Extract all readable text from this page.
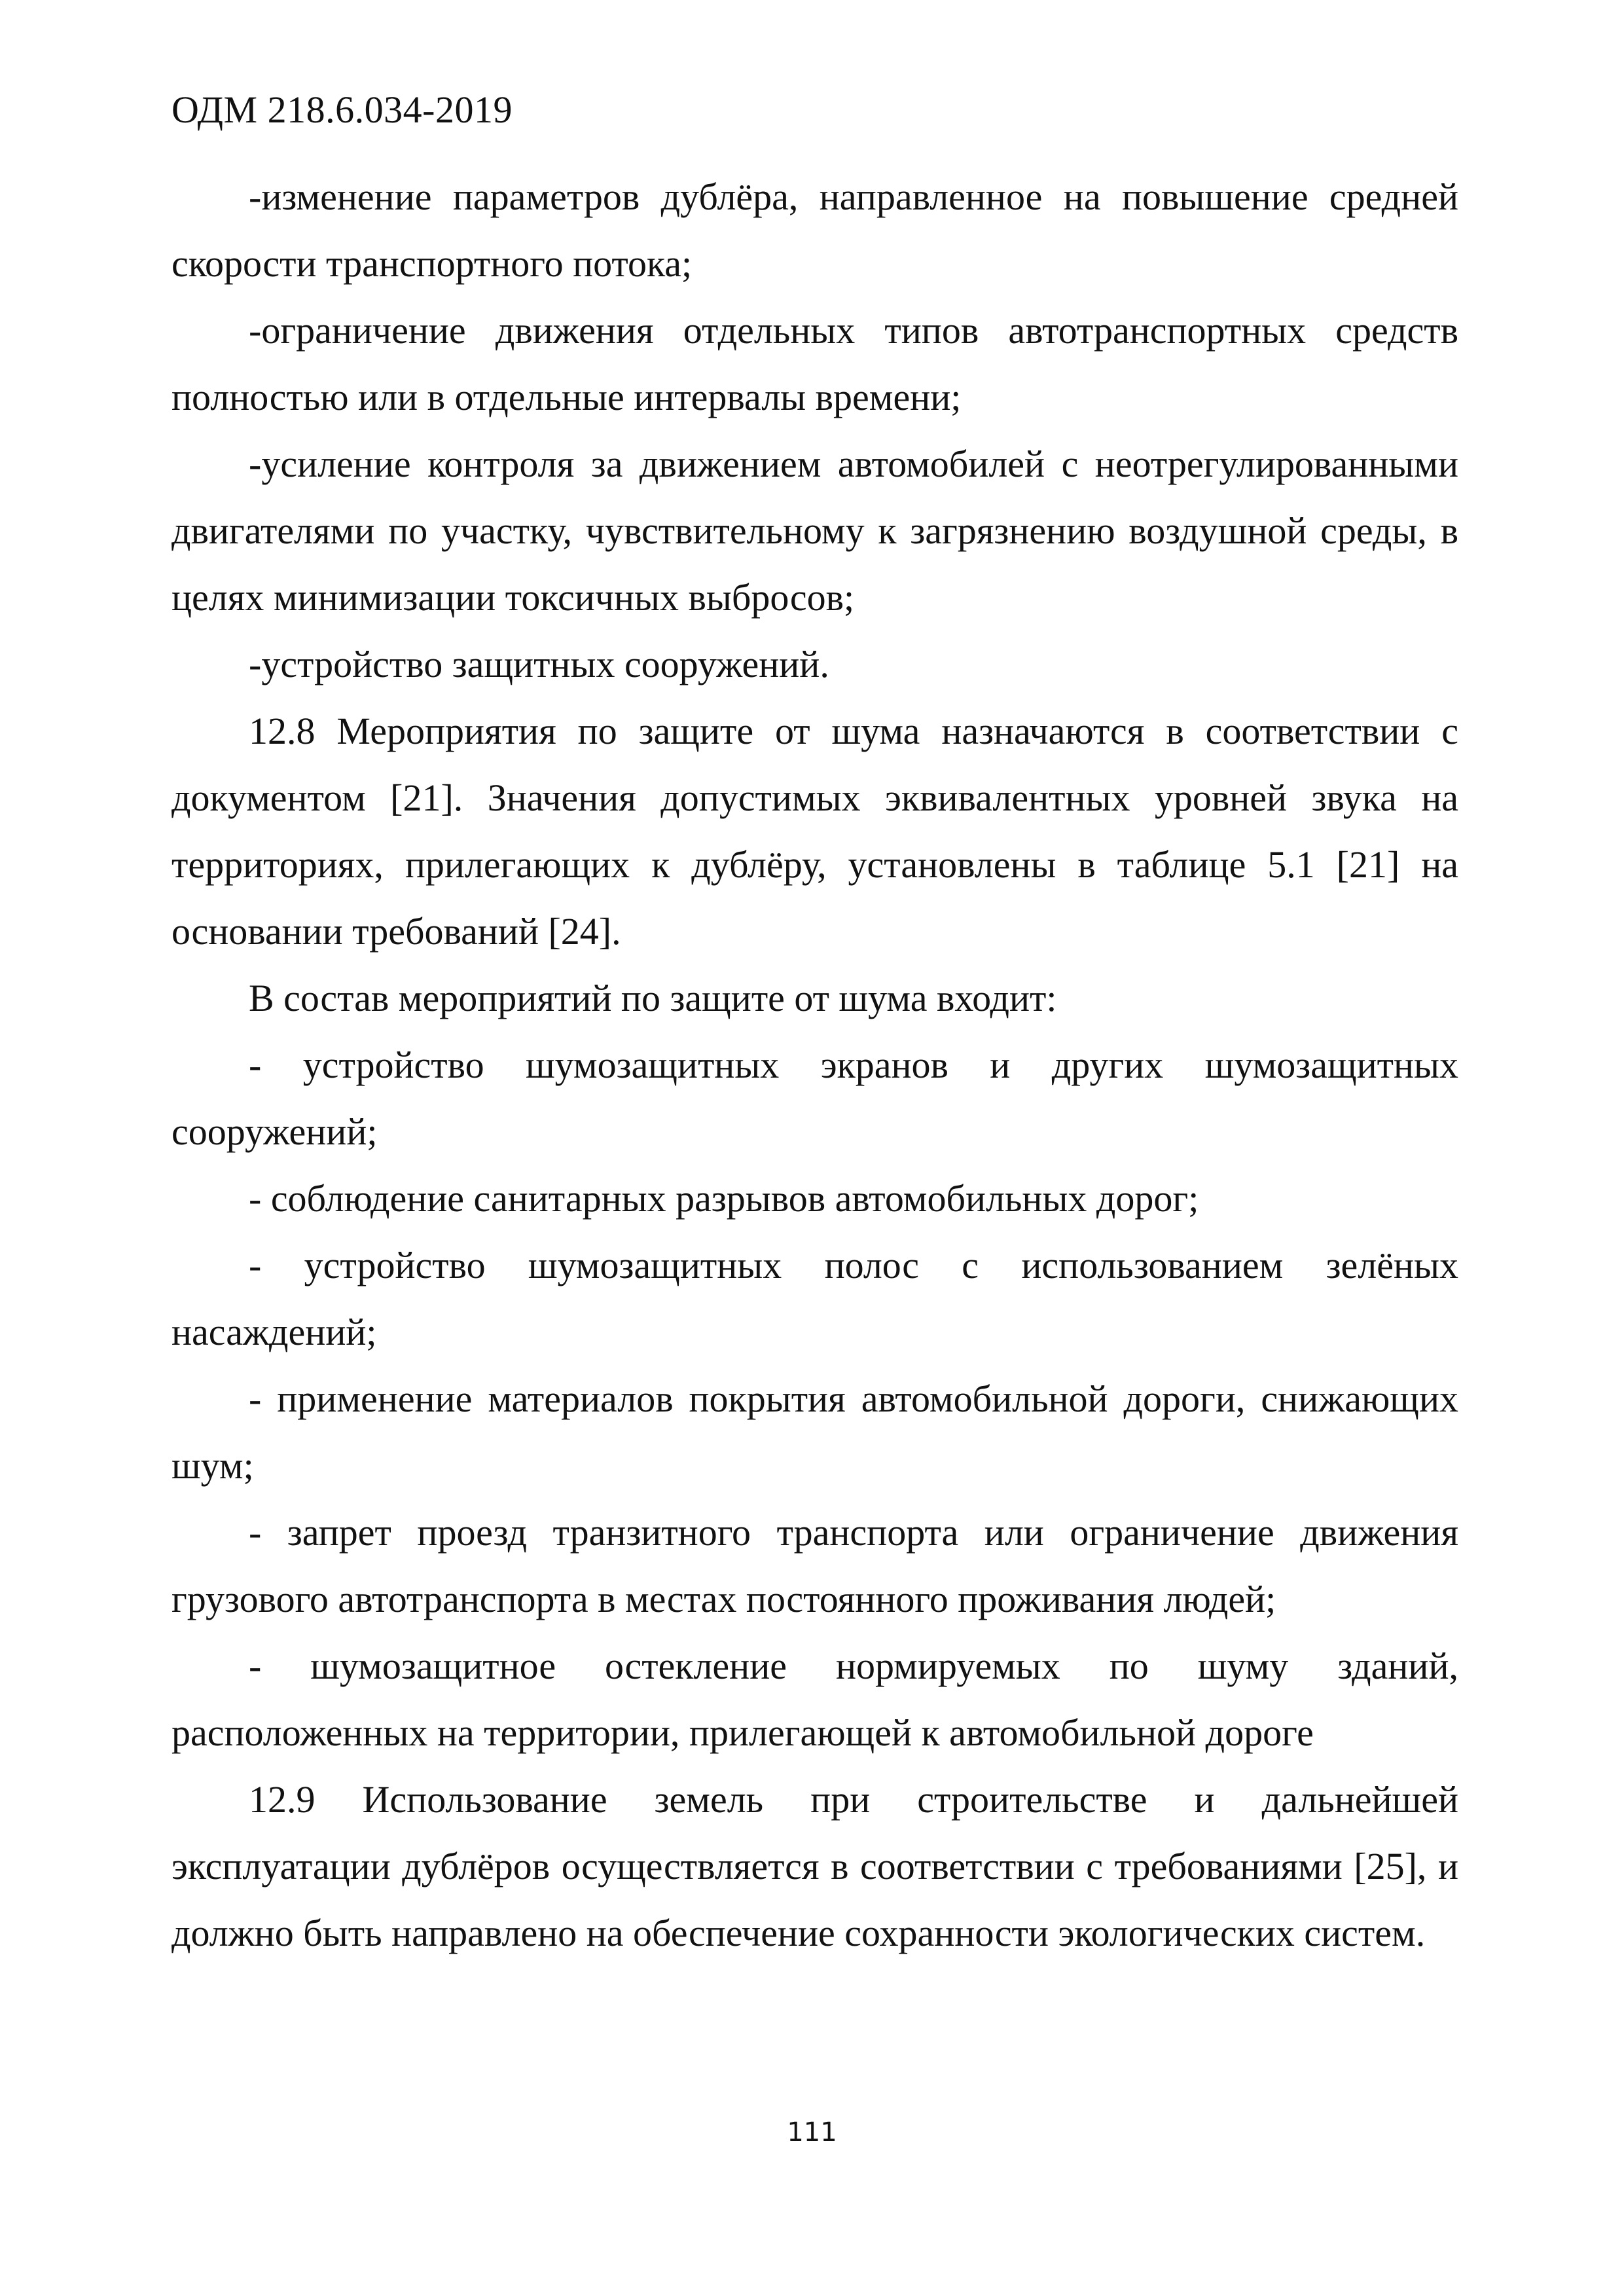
ОДМ 218.6.034-2019

-изменение параметров дублёра, направленное на повышение средней скорости транспортного потока;

-ограничение движения отдельных типов автотранспортных средств полностью или в отдельные интервалы времени;

-усиление контроля за движением автомобилей с неотрегулированными двигателями по участку, чувствительному к загрязнению воздушной среды, в целях минимизации токсичных выбросов;

-устройство защитных сооружений.

12.8 Мероприятия по защите от шума назначаются в соответствии с документом [21]. Значения допустимых эквивалентных уровней звука на территориях, прилегающих к дублёру, установлены в таблице 5.1 [21] на основании требований [24].

В состав мероприятий по защите от шума входит:

- устройство шумозащитных экранов и других шумозащитных сооружений;

- соблюдение санитарных разрывов автомобильных дорог;

- устройство шумозащитных полос с использованием зелёных насаждений;

- применение материалов покрытия автомобильной дороги, снижающих шум;

- запрет проезд транзитного транспорта или ограничение движения грузового автотранспорта в местах постоянного проживания людей;

- шумозащитное остекление нормируемых по шуму зданий, расположенных на территории, прилегающей к автомобильной дороге

12.9 Использование земель при строительстве и дальнейшей эксплуатации дублёров осуществляется в соответствии с требованиями [25], и должно быть направлено на обеспечение сохранности экологических систем.

111
